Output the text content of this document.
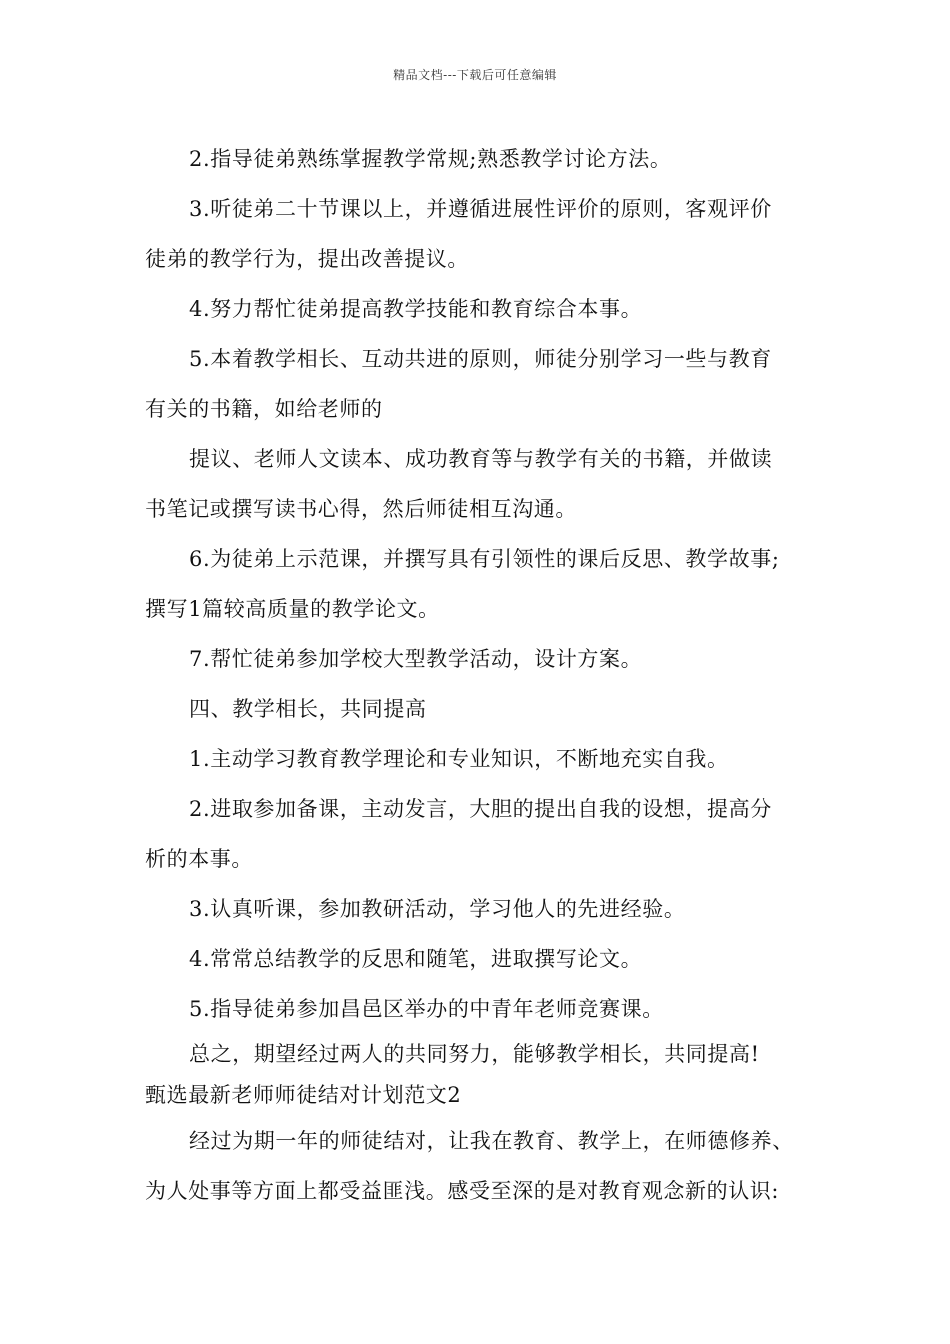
精品文档---下载后可任意编辑
2.指导徒弟熟练掌握教学常规;熟悉教学讨论方法。
3.听徒弟二十节课以上，并遵循进展性评价的原则，客观评价
徒弟的教学行为，提出改善提议。
4.努力帮忙徒弟提高教学技能和教育综合本事。
5.本着教学相长、互动共进的原则，师徒分别学习一些与教育
有关的书籍，如给老师的
提议、老师人文读本、成功教育等与教学有关的书籍，并做读
书笔记或撰写读书心得，然后师徒相互沟通。
6.为徒弟上示范课，并撰写具有引领性的课后反思、教学故事;
撰写1篇较高质量的教学论文。
7.帮忙徒弟参加学校大型教学活动，设计方案。
四、教学相长，共同提高
1.主动学习教育教学理论和专业知识，不断地充实自我。
2.进取参加备课，主动发言，大胆的提出自我的设想，提高分
析的本事。
3.认真听课，参加教研活动，学习他人的先进经验。
4.常常总结教学的反思和随笔，进取撰写论文。
5.指导徒弟参加昌邑区举办的中青年老师竞赛课。
总之，期望经过两人的共同努力，能够教学相长，共同提高!
甄选最新老师师徒结对计划范文2
经过为期一年的师徒结对，让我在教育、教学上，在师德修养、
为人处事等方面上都受益匪浅。感受至深的是对教育观念新的认识:
